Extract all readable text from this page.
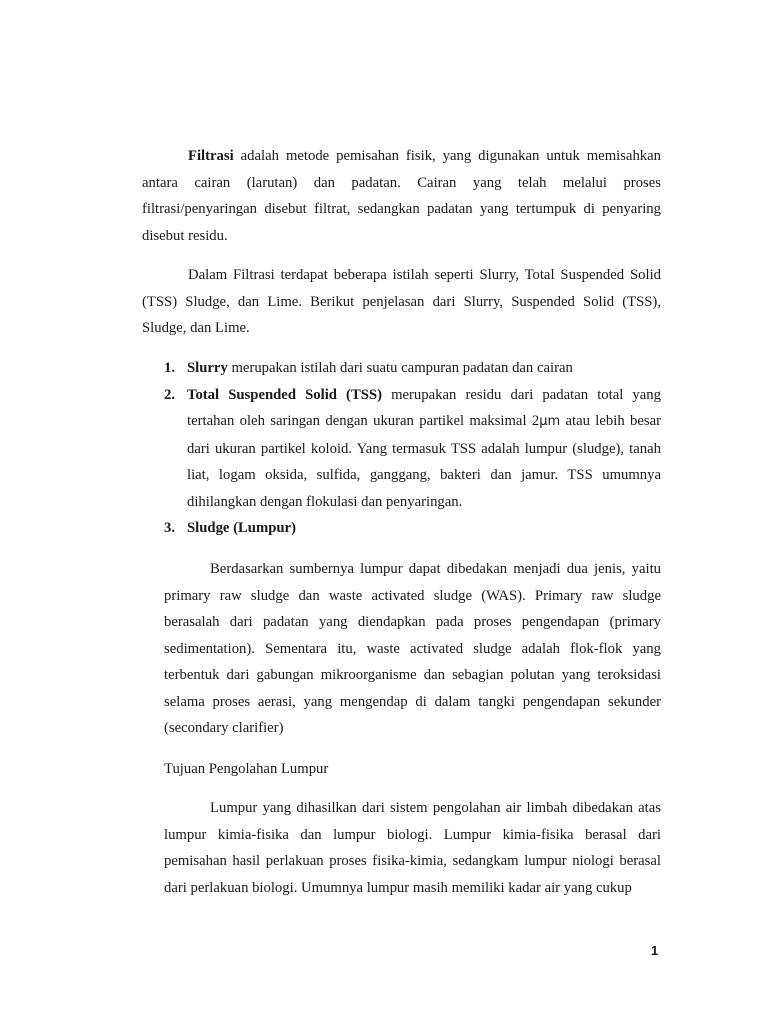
Filtrasi adalah metode pemisahan fisik, yang digunakan untuk memisahkan antara cairan (larutan) dan padatan. Cairan yang telah melalui proses filtrasi/penyaringan disebut filtrat, sedangkan padatan yang tertumpuk di penyaring disebut residu.

Dalam Filtrasi terdapat beberapa istilah seperti Slurry, Total Suspended Solid (TSS) Sludge, dan Lime. Berikut penjelasan dari Slurry, Suspended Solid (TSS), Sludge, dan Lime.

1. Slurry merupakan istilah dari suatu campuran padatan dan cairan
2. Total Suspended Solid (TSS) merupakan residu dari padatan total yang tertahan oleh saringan dengan ukuran partikel maksimal 2μm atau lebih besar dari ukuran partikel koloid. Yang termasuk TSS adalah lumpur (sludge), tanah liat, logam oksida, sulfida, ganggang, bakteri dan jamur. TSS umumnya dihilangkan dengan flokulasi dan penyaringan.
3. Sludge (Lumpur)

Berdasarkan sumbernya lumpur dapat dibedakan menjadi dua jenis, yaitu primary raw sludge dan waste activated sludge (WAS). Primary raw sludge berasalah dari padatan yang diendapkan pada proses pengendapan (primary sedimentation). Sementara itu, waste activated sludge adalah flok-flok yang terbentuk dari gabungan mikroorganisme dan sebagian polutan yang teroksidasi selama proses aerasi, yang mengendap di dalam tangki pengendapan sekunder (secondary clarifier)

Tujuan Pengolahan Lumpur

Lumpur yang dihasilkan dari sistem pengolahan air limbah dibedakan atas lumpur kimia-fisika dan lumpur biologi. Lumpur kimia-fisika berasal dari pemisahan hasil perlakuan proses fisika-kimia, sedangkam lumpur niologi berasal dari perlakuan biologi. Umumnya lumpur masih memiliki kadar air yang cukup

1
